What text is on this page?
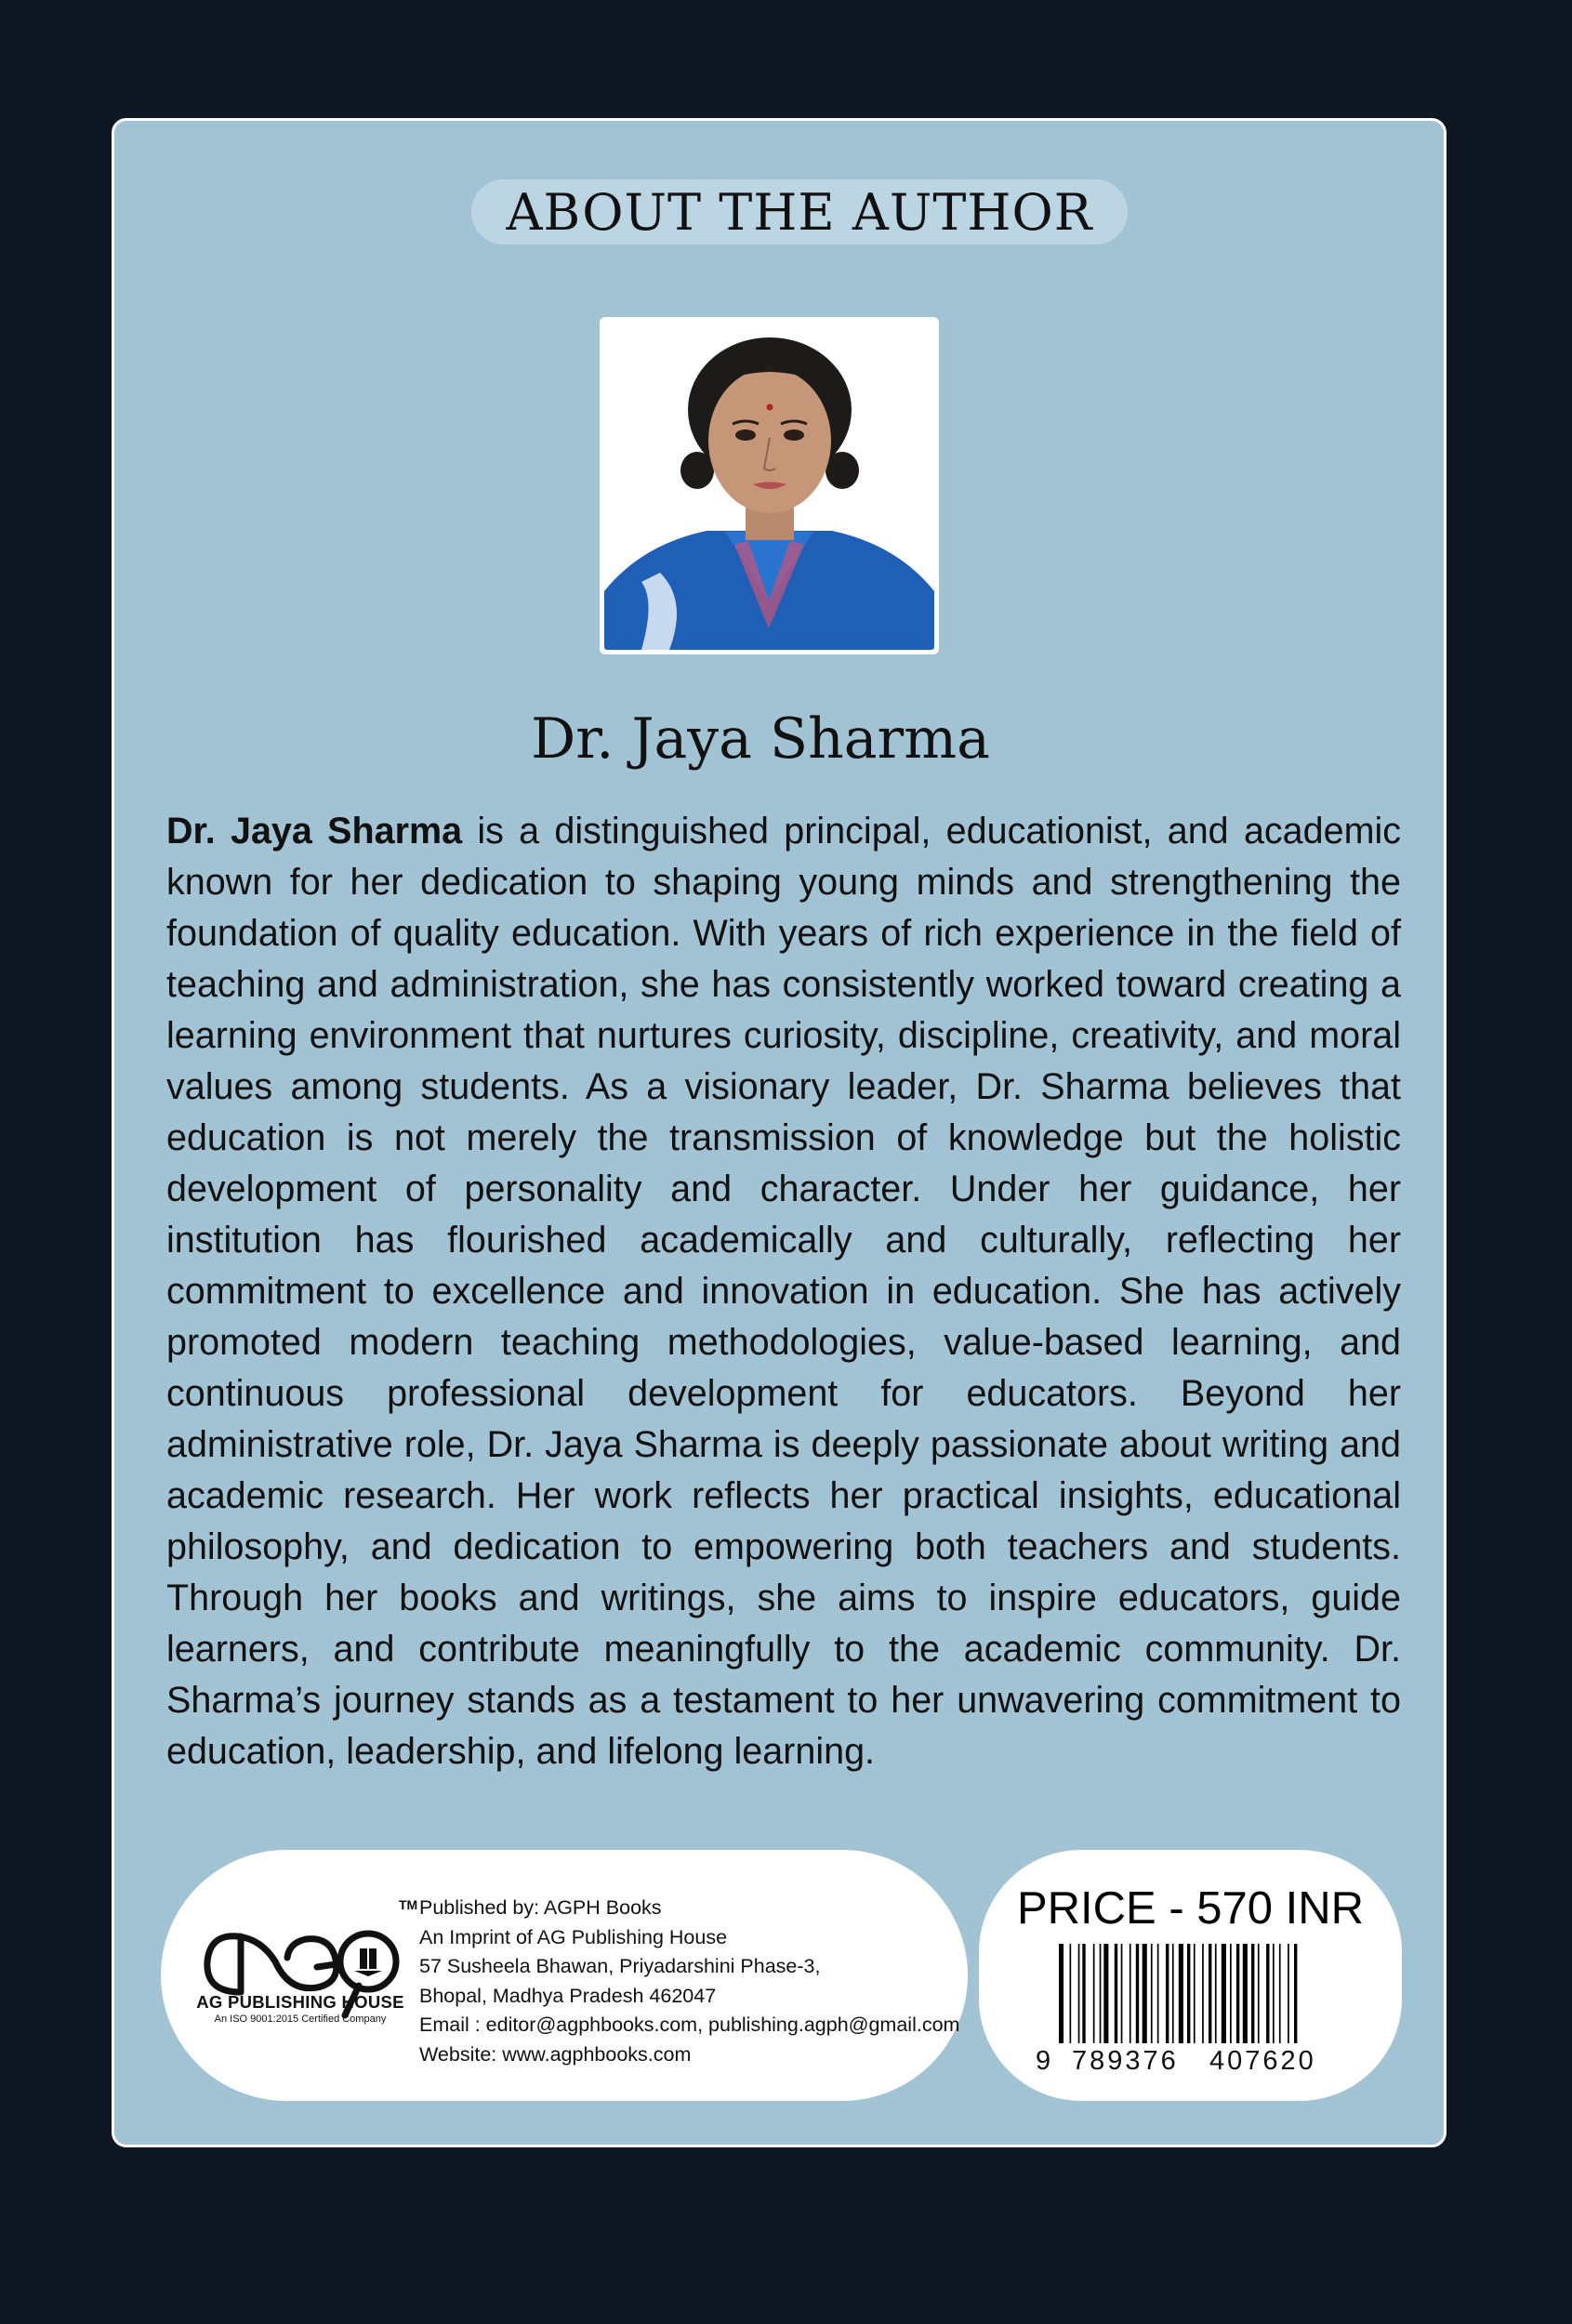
ABOUT THE AUTHOR
Dr. Jaya Sharma

Dr. Jaya Sharma is a distinguished principal, educationist, and academic known for her dedication to shaping young minds and strengthening the foundation of quality education. With years of rich experience in the field of teaching and administration, she has consistently worked toward creating a learning environment that nurtures curiosity, discipline, creativity, and moral values among students. As a visionary leader, Dr. Sharma believes that education is not merely the transmission of knowledge but the holistic development of personality and character. Under her guidance, her institution has flourished academically and culturally, reflecting her commitment to excellence and innovation in education. She has actively promoted modern teaching methodologies, value-based learning, and continuous professional development for educators. Beyond her administrative role, Dr. Jaya Sharma is deeply passionate about writing and academic research. Her work reflects her practical insights, educational philosophy, and dedication to empowering both teachers and students. Through her books and writings, she aims to inspire educators, guide learners, and contribute meaningfully to the academic community. Dr. Sharma’s journey stands as a testament to her unwavering commitment to education, leadership, and lifelong learning.

TM
AG PUBLISHING HOUSE
An ISO 9001:2015 Certified Company
Published by: AGPH Books
An Imprint of AG Publishing House
57 Susheela Bhawan, Priyadarshini Phase-3,
Bhopal, Madhya Pradesh 462047
Email : editor@agphbooks.com, publishing.agph@gmail.com
Website: www.agphbooks.com
PRICE - 570 INR
9 789376 407620
